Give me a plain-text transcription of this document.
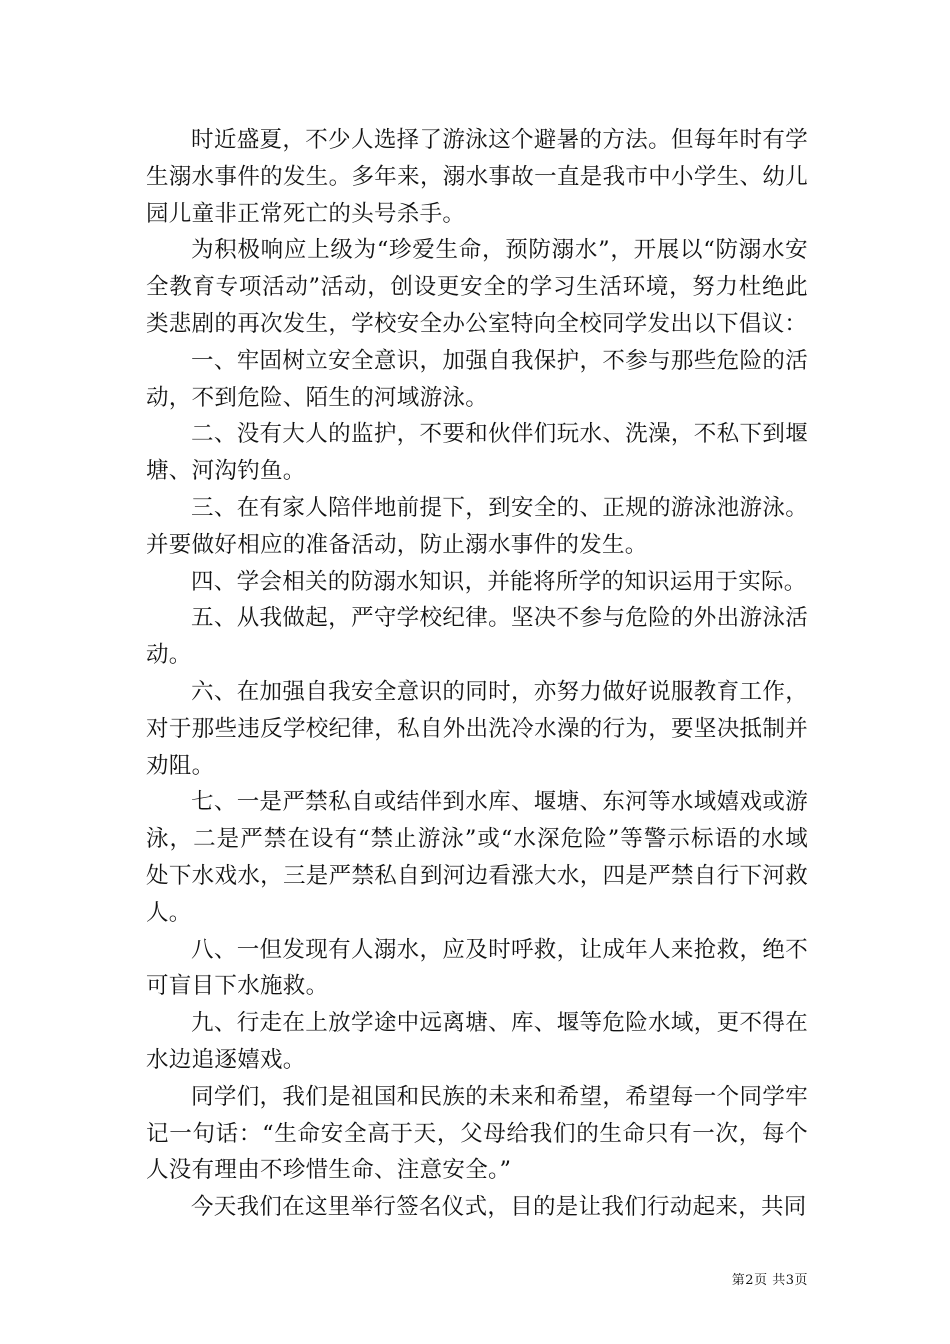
时近盛夏，不少人选择了游泳这个避暑的方法。但每年时有学生溺水事件的发生。多年来，溺水事故一直是我市中小学生、幼儿园儿童非正常死亡的头号杀手。

为积极响应上级为“珍爱生命，预防溺水”，开展以“防溺水安全教育专项活动”活动，创设更安全的学习生活环境，努力杜绝此类悲剧的再次发生，学校安全办公室特向全校同学发出以下倡议：

一、牢固树立安全意识，加强自我保护，不参与那些危险的活动，不到危险、陌生的河域游泳。

二、没有大人的监护，不要和伙伴们玩水、洗澡，不私下到堰塘、河沟钓鱼。

三、在有家人陪伴地前提下，到安全的、正规的游泳池游泳。并要做好相应的准备活动，防止溺水事件的发生。

四、学会相关的防溺水知识，并能将所学的知识运用于实际。

五、从我做起，严守学校纪律。坚决不参与危险的外出游泳活动。

六、在加强自我安全意识的同时，亦努力做好说服教育工作，对于那些违反学校纪律，私自外出洗冷水澡的行为，要坚决抵制并劝阻。

七、一是严禁私自或结伴到水库、堰塘、东河等水域嬉戏或游泳，二是严禁在设有“禁止游泳”或“水深危险”等警示标语的水域处下水戏水，三是严禁私自到河边看涨大水，四是严禁自行下河救人。

八、一但发现有人溺水，应及时呼救，让成年人来抢救，绝不可盲目下水施救。

九、行走在上放学途中远离塘、库、堰等危险水域，更不得在水边追逐嬉戏。

同学们，我们是祖国和民族的未来和希望，希望每一个同学牢记一句话：“生命安全高于天，父母给我们的生命只有一次，每个人没有理由不珍惜生命、注意安全。”

今天我们在这里举行签名仪式，目的是让我们行动起来，共同

第2页 共3页
